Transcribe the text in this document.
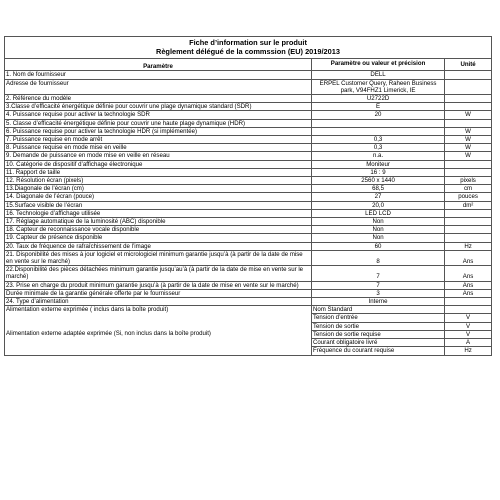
Fiche d’information sur le produit
Règlement délégué de la commssion (EU) 2019/2013		

Paramètre	Paramètre ou valeur et précision	Unité
1. Nom de fournisseur	DELL	
Adresse de fournisseur	ERPEL Customer Query, Raheen Business park, V94FHZ1 Limerick, IE	
2. Référence du modèle	U2722D	
3.Classe d’efficacité énergétique définie pour couvrir une plage dynamique standard (SDR)	E	
4. Puissance requise pour activer la technologie SDR	20	W
5. Classe d’efficacité énergétique définie pour couvrir une haute plage dynamique (HDR)		
6. Puissance requise pour activer la technologie HDR (si implémentée)		W
7. Puissance requise en mode arrêt	0,3	W
8. Puissance requise en mode mise en veille	0,3	W
9. Demande de puissance en mode mise en veille en réseau	n.a.	W
10. Catégorie de dispositif d’affichage électronique	Moniteur	
11. Rapport de taille	16 : 9	
12. Résolution écran (pixels)	2560 x 1440	pixels
13.Diagonale de l’écran (cm)	68,5	cm
14. Diagonale de l’écran (pouce)	27	pouces
15.Surface visible de l’écran	20,0	dm²
16. Technologie d’affichage utilisée	LED LCD	
17. Réglage automatique de la luminosité (ABC) disponible	Non	
18. Capteur de reconnaissance vocale disponible	Non	
19. Capteur de présence disponible	Non	
20. Taux de fréquence de rafraîchissement de l’image	60	Hz
21. Disponibilité des mises à jour logiciel et micrologiciel minimum garantie jusqu’à (à partir de la date de mise en vente sur le marché)	8	Ans
22.Disponibilité des pièces détachées minimum garantie jusqu’au’à (à partir de la date de mise en vente sur le marché)	7	Ans
23. Prise en charge du produit minimum garantie jusqu’à (à partir de la date de mise en vente sur le marché)	7	Ans
Durée minimale de la garantie générale offerte par le fournisseur	3	Ans
24. Type d’alimentation	Interne	

Alimentation externe exprimée ( inclus dans la boîte produit)	Nom Standard	

	Tension d’entrée	V

	Tension de sortie	V

Alimentation externe adaptée exprimée (Si, non inclus dans la boîte produit)	Tension de sortie requise	V

	Courant obligatoire livré	A

	Fréquence du courant requise	Hz
